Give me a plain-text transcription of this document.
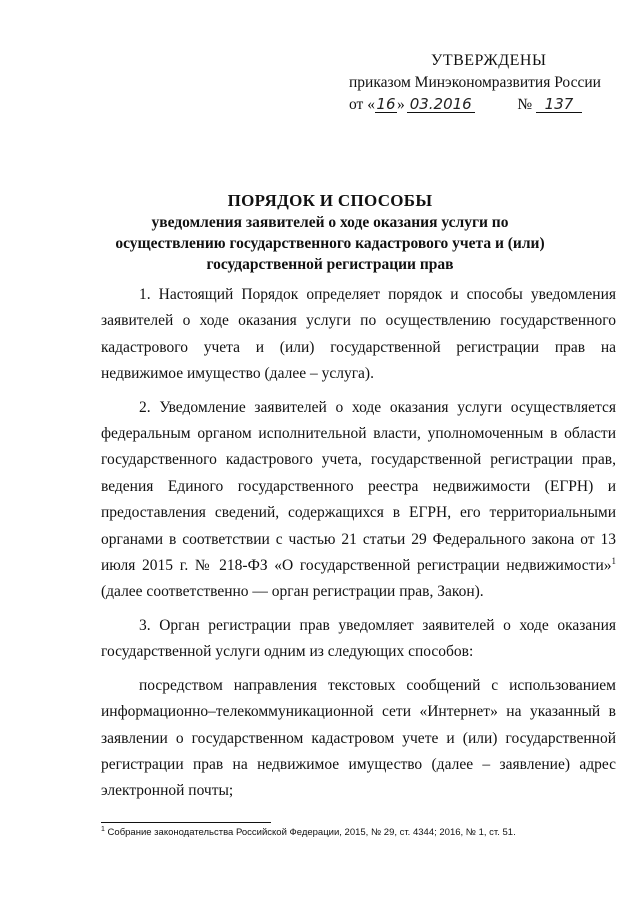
УТВЕРЖДЕНЫ
приказом Минэкономразвития России
от «16» 03.2016	№ 137
ПОРЯДОК И СПОСОБЫ
уведомления заявителей о ходе оказания услуги по осуществлению государственного кадастрового учета и (или) государственной регистрации прав

1. Настоящий Порядок определяет порядок и способы уведомления заявителей о ходе оказания услуги по осуществлению государственного кадастрового учета и (или) государственной регистрации прав на недвижимое имущество (далее – услуга).

2. Уведомление заявителей о ходе оказания услуги осуществляется федеральным органом исполнительной власти, уполномоченным в области государственного кадастрового учета, государственной регистрации прав, ведения Единого государственного реестра недвижимости (ЕГРН) и предоставления сведений, содержащихся в ЕГРН, его территориальными органами в соответствии с частью 21 статьи 29 Федерального закона от 13 июля 2015 г. № 218-ФЗ «О государственной регистрации недвижимости»$^1$ (далее соответственно — орган регистрации прав, Закон).

3. Орган регистрации прав уведомляет заявителей о ходе оказания государственной услуги одним из следующих способов:

посредством направления текстовых сообщений с использованием информационно–телекоммуникационной сети «Интернет» на указанный в заявлении о государственном кадастровом учете и (или) государственной регистрации прав на недвижимое имущество (далее – заявление) адрес электронной почты;

$^1$ Собрание законодательства Российской Федерации, 2015, № 29, ст. 4344; 2016, № 1, ст. 51.
